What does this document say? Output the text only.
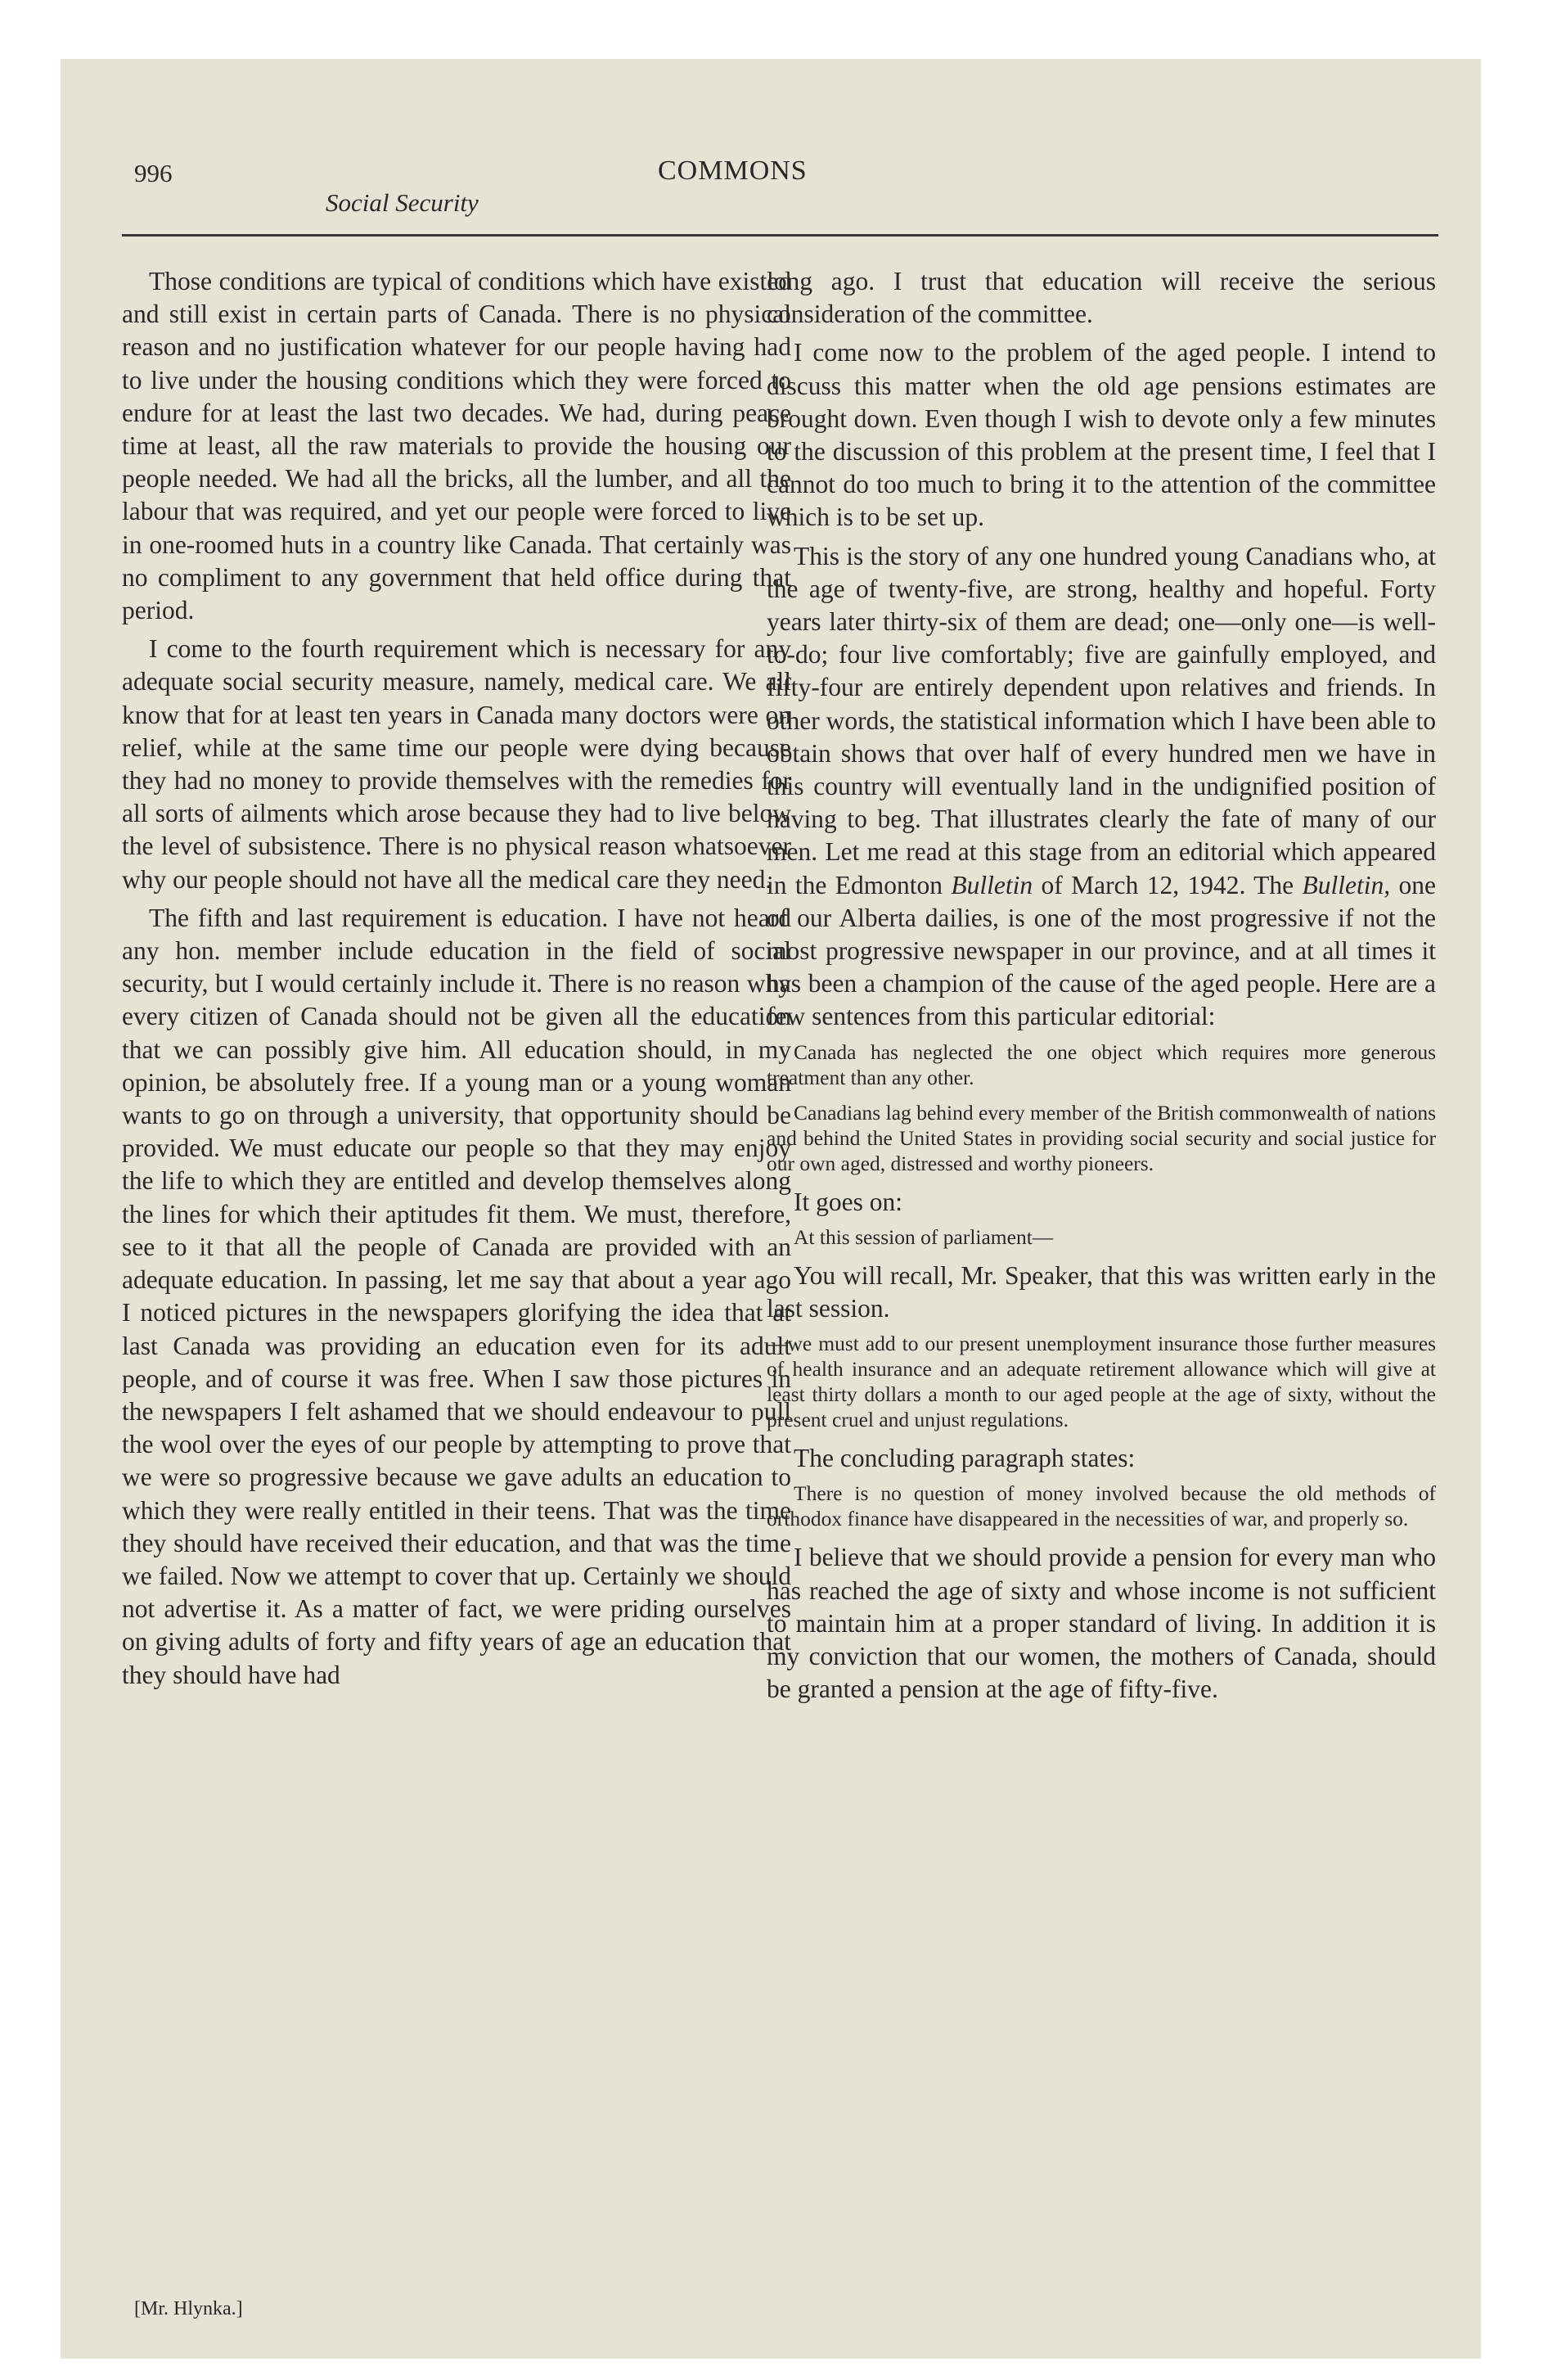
996	COMMONS
Social Security

Those conditions are typical of conditions which have existed and still exist in certain parts of Canada. There is no physical reason and no justification whatever for our people having had to live under the housing conditions which they were forced to endure for at least the last two decades. We had, during peace time at least, all the raw materials to provide the housing our people needed. We had all the bricks, all the lumber, and all the labour that was required, and yet our people were forced to live in one-roomed huts in a country like Canada. That certainly was no compliment to any government that held office during that period.

I come to the fourth requirement which is necessary for any adequate social security measure, namely, medical care. We all know that for at least ten years in Canada many doctors were on relief, while at the same time our people were dying because they had no money to provide themselves with the remedies for all sorts of ailments which arose because they had to live below the level of subsistence. There is no physical reason whatsoever why our people should not have all the medical care they need.

The fifth and last requirement is education. I have not heard any hon. member include education in the field of social security, but I would certainly include it. There is no reason why every citizen of Canada should not be given all the education that we can possibly give him. All education should, in my opinion, be absolutely free. If a young man or a young woman wants to go on through a university, that opportunity should be provided. We must educate our people so that they may enjoy the life to which they are entitled and develop themselves along the lines for which their aptitudes fit them. We must, therefore, see to it that all the people of Canada are provided with an adequate education. In passing, let me say that about a year ago I noticed pictures in the newspapers glorifying the idea that at last Canada was providing an education even for its adult people, and of course it was free. When I saw those pictures in the newspapers I felt ashamed that we should endeavour to pull the wool over the eyes of our people by attempting to prove that we were so progressive because we gave adults an education to which they were really entitled in their teens. That was the time they should have received their education, and that was the time we failed. Now we attempt to cover that up. Certainly we should not advertise it. As a matter of fact, we were priding ourselves on giving adults of forty and fifty years of age an education that they should have had

long ago. I trust that education will receive the serious consideration of the committee.

I come now to the problem of the aged people. I intend to discuss this matter when the old age pensions estimates are brought down. Even though I wish to devote only a few minutes to the discussion of this problem at the present time, I feel that I cannot do too much to bring it to the attention of the committee which is to be set up.

This is the story of any one hundred young Canadians who, at the age of twenty-five, are strong, healthy and hopeful. Forty years later thirty-six of them are dead; one—only one—is well-to-do; four live comfortably; five are gainfully employed, and fifty-four are entirely dependent upon relatives and friends. In other words, the statistical information which I have been able to obtain shows that over half of every hundred men we have in this country will eventually land in the undignified position of having to beg. That illustrates clearly the fate of many of our men. Let me read at this stage from an editorial which appeared in the Edmonton Bulletin of March 12, 1942. The Bulletin, one of our Alberta dailies, is one of the most progressive if not the most progressive newspaper in our province, and at all times it has been a champion of the cause of the aged people. Here are a few sentences from this particular editorial:

Canada has neglected the one object which requires more generous treatment than any other.
Canadians lag behind every member of the British commonwealth of nations and behind the United States in providing social security and social justice for our own aged, distressed and worthy pioneers.

It goes on:

At this session of parliament—

You will recall, Mr. Speaker, that this was written early in the last session.

—we must add to our present unemployment insurance those further measures of health insurance and an adequate retirement allowance which will give at least thirty dollars a month to our aged people at the age of sixty, without the present cruel and unjust regulations.

The concluding paragraph states:

There is no question of money involved because the old methods of orthodox finance have disappeared in the necessities of war, and properly so.

I believe that we should provide a pension for every man who has reached the age of sixty and whose income is not sufficient to maintain him at a proper standard of living. In addition it is my conviction that our women, the mothers of Canada, should be granted a pension at the age of fifty-five.

[Mr. Hlynka.]
